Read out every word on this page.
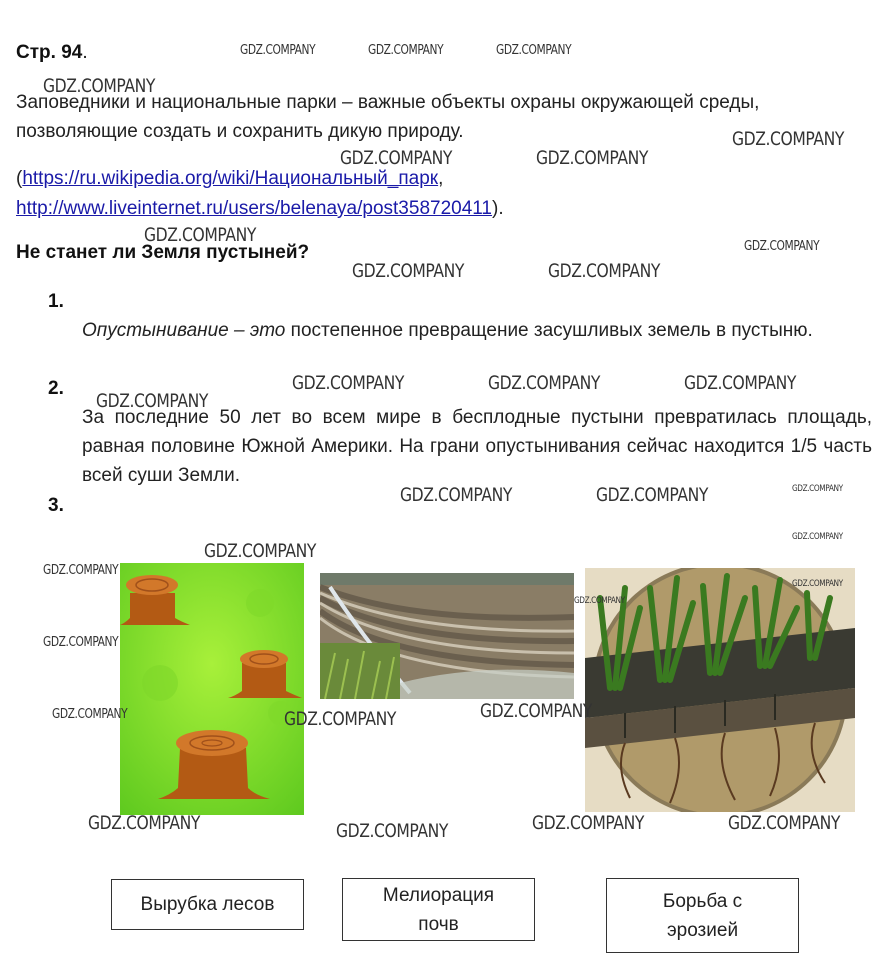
Стр. 94.
Заповедники и национальные парки – важные объекты охраны окружающей среды, позволяющие создать и сохранить дикую природу.
(https://ru.wikipedia.org/wiki/Национальный_парк,
http://www.liveinternet.ru/users/belenaya/post358720411).
Не станет ли Земля пустыней?
1.
Опустынивание – это постепенное превращение засушливых земель в пустыню.
2.
За последние 50 лет во всем мире в бесплодные пустыни превратилась площадь, равная половине Южной Америки. На грани опустынивания сейчас находится 1/5 часть всей суши Земли.
3.
Вырубка лесов	Мелиорация
почв
Борьба с
эрозией
GDZ.COMPANY	GDZ.COMPANY	GDZ.COMPANY
GDZ.COMPANY
GDZ.COMPANY
GDZ.COMPANY	GDZ.COMPANY
GDZ.COMPANY
GDZ.COMPANY
GDZ.COMPANY	GDZ.COMPANY
GDZ.COMPANY	GDZ.COMPANY	GDZ.COMPANY
GDZ.COMPANY
GDZ.COMPANY	GDZ.COMPANY	GDZ.COMPANY
GDZ.COMPANY
GDZ.COMPANY
GDZ.COMPANY
GDZ.COMPANY
GDZ.COMPANY
GDZ.COMPANY
GDZ.COMPANY
GDZ.COMPANY	GDZ.COMPANY
GDZ.COMPANY	GDZ.COMPANY	GDZ.COMPANY
GDZ.COMPANY
